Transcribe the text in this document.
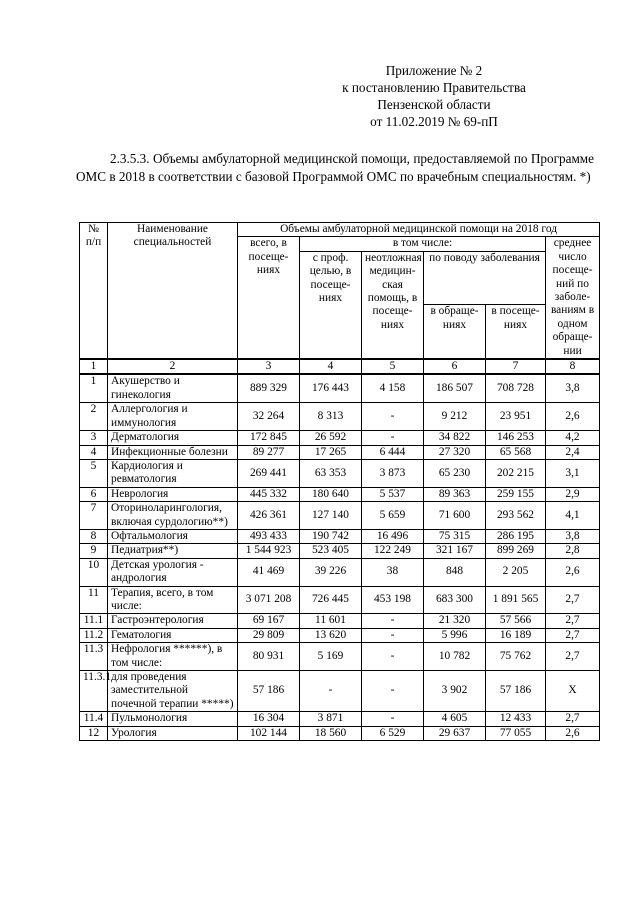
Приложение № 2
к постановлению Правительства
Пензенской области
от 11.02.2019 № 69-пП
2.3.5.3. Объемы амбулаторной медицинской помощи, предоставляемой по Программе ОМС в 2018 в соответствии с базовой Программой ОМС по врачебным специальностям. *)
№ п/п	Наименование специальностей	Объемы амбулаторной медицинской помощи на 2018 год					
		всего, в посеще- ниях	в том числе:				среднее число посеще- ний по заболе- ваниям в одном обраще- нии
			с проф. целью, в посеще- ниях	неотложная медицин- ская помощь, в посеще- ниях	по поводу заболевания		
					в обраще- ниях	в посеще- ниях	
1	2	3	4	5	6	7	8
1	Акушерство и гинекология	889 329	176 443	4 158	186 507	708 728	3,8
2	Аллергология и иммунология	32 264	8 313	-	9 212	23 951	2,6
3	Дерматология	172 845	26 592	-	34 822	146 253	4,2
4	Инфекционные болезни	89 277	17 265	6 444	27 320	65 568	2,4
5	Кардиология и ревматология	269 441	63 353	3 873	65 230	202 215	3,1
6	Неврология	445 332	180 640	5 537	89 363	259 155	2,9
7	Оториноларингология, включая сурдологию**)	426 361	127 140	5 659	71 600	293 562	4,1
8	Офтальмология	493 433	190 742	16 496	75 315	286 195	3,8
9	Педиатрия**)	1 544 923	523 405	122 249	321 167	899 269	2,8
10	Детская урология - андрология	41 469	39 226	38	848	2 205	2,6
11	Терапия, всего, в том числе:	3 071 208	726 445	453 198	683 300	1 891 565	2,7
11.1	Гастроэнтерология	69 167	11 601	-	21 320	57 566	2,7
11.2	Гематология	29 809	13 620	-	5 996	16 189	2,7
11.3	Нефрология ******), в том числе:	80 931	5 169	-	10 782	75 762	2,7
11.3.1	для проведения заместительной почечной терапии *****)	57 186	-	-	3 902	57 186	Х
11.4	Пульмонология	16 304	3 871	-	4 605	12 433	2,7
12	Урология	102 144	18 560	6 529	29 637	77 055	2,6
